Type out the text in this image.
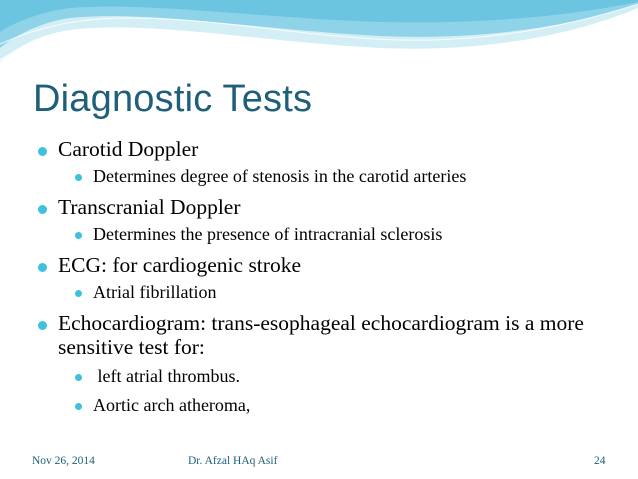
Diagnostic Tests
Carotid Doppler
Determines degree of stenosis in the carotid arteries
Transcranial Doppler
Determines the presence of intracranial sclerosis
ECG: for cardiogenic stroke
Atrial fibrillation
Echocardiogram: trans-esophageal echocardiogram is a more sensitive test for:
left atrial thrombus.
Aortic arch atheroma,
Nov 26, 2014	Dr. Afzal HAq Asif	24
